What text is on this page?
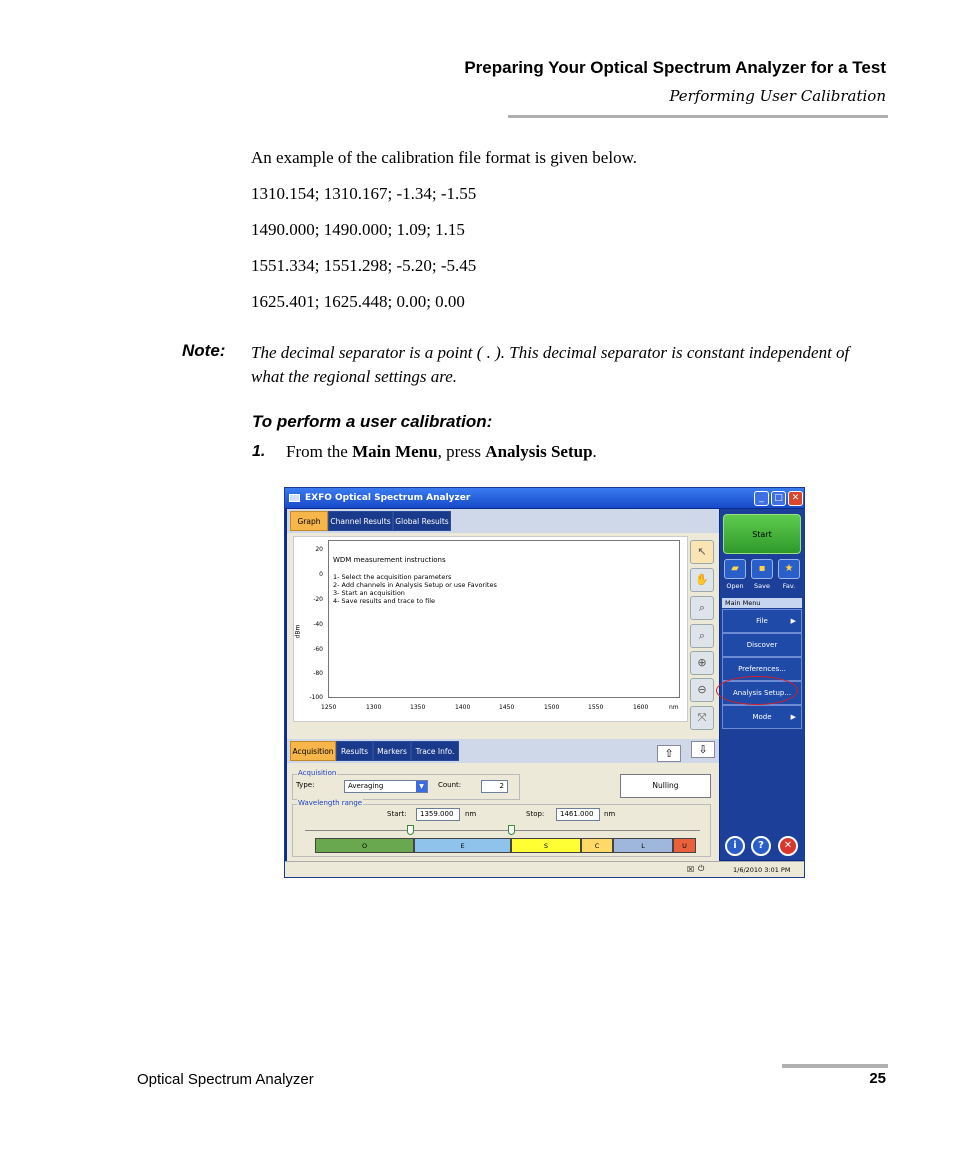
Preparing Your Optical Spectrum Analyzer for a Test
Performing User Calibration
An example of the calibration file format is given below.
1310.154; 1310.167; -1.34; -1.55
1490.000; 1490.000; 1.09; 1.15
1551.334; 1551.298; -5.20; -5.45
1625.401; 1625.448; 0.00; 0.00
Note: The decimal separator is a point ( . ). This decimal separator is constant independent of what the regional settings are.
To perform a user calibration:
1. From the Main Menu, press Analysis Setup.
EXFO Optical Spectrum Analyzer	_	□ ✕
Graph	Channel Results Global Results
WDM measurement instructions
1- Select the acquisition parameters
2- Add channels in Analysis Setup or use Favorites
3- Start an acquisition
4- Save results and trace to file
dBm
20
0
-20
-40
-60
-80
-100
1250	1300	1350	1400	1450	1500	1550	1600	nm
↖
✋
⌕
⌕
⊕
⊖
⤧
Start
▰	▪	★
Open	Save	Fav.
Main Menu
File	▶
Discover
Preferences...
Analysis Setup...
Mode	▶
Acquisition Results	Markers	Trace Info.	⇧	⇩
Acquisition
Type:	Averaging	▼	Count:	2	Nulling
Wavelength range
Start:	1359.000	nm	Stop:	1461.000	nm
O	E	S	C	L	U	i	?	✕
☒ ⏻	1/6/2010 3:01 PM
Optical Spectrum Analyzer	25
